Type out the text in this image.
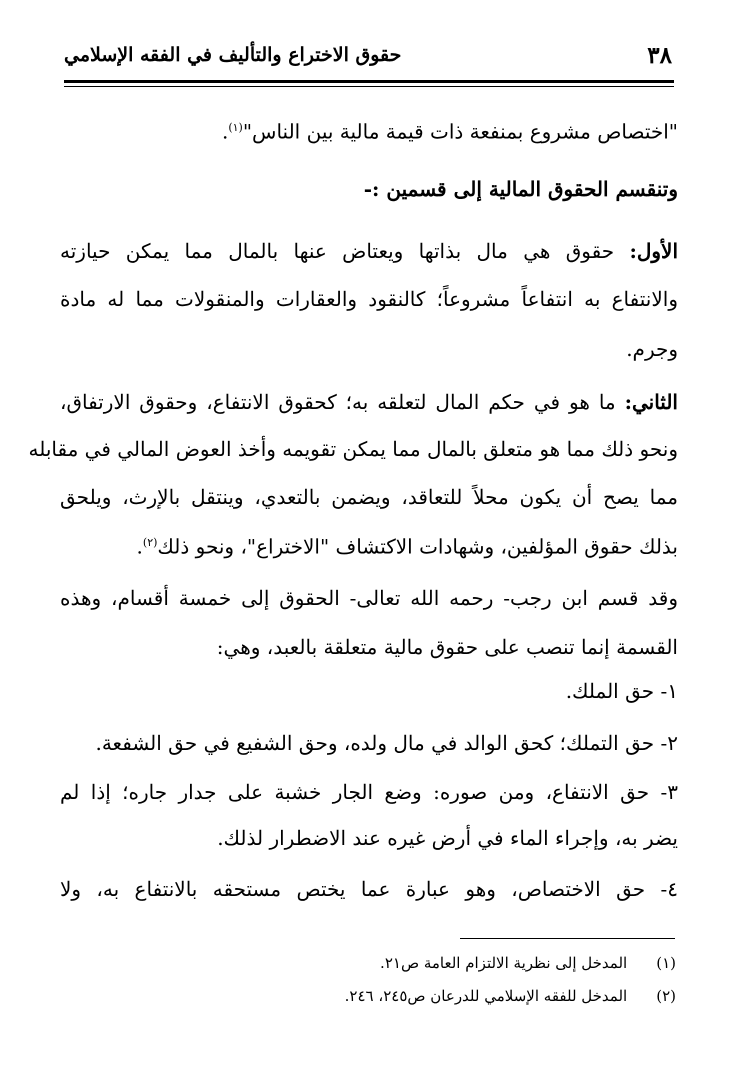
٣٨
حقوق الاختراع والتأليف في الفقه الإسلامي
"اختصاص مشروع بمنفعة ذات قيمة مالية بين الناس"$^{(١)}$.
وتنقسم الحقوق المالية إلى قسمين :-
الأول: حقوق هي مال بذاتها ويعتاض عنها بالمال مما يمكن حيازته
والانتفاع به انتفاعاً مشروعاً؛ كالنقود والعقارات والمنقولات مما له مادة
وجرم.
الثاني: ما هو في حكم المال لتعلقه به؛ كحقوق الانتفاع، وحقوق الارتفاق،
ونحو ذلك مما هو متعلق بالمال مما يمكن تقويمه وأخذ العوض المالي في مقابله
مما يصح أن يكون محلاً للتعاقد، ويضمن بالتعدي، وينتقل بالإرث، ويلحق
بذلك حقوق المؤلفين، وشهادات الاكتشاف "الاختراع"، ونحو ذلك$^{(٢)}$.
وقد قسم ابن رجب- رحمه الله تعالى- الحقوق إلى خمسة أقسام، وهذه
القسمة إنما تنصب على حقوق مالية متعلقة بالعبد، وهي:
١- حق الملك.
٢- حق التملك؛ كحق الوالد في مال ولده، وحق الشفيع في حق الشفعة.
٣- حق الانتفاع، ومن صوره: وضع الجار خشبة على جدار جاره؛ إذا لم
يضر به، وإجراء الماء في أرض غيره عند الاضطرار لذلك.
٤- حق الاختصاص، وهو عبارة عما يختص مستحقه بالانتفاع به، ولا
(١) المدخل إلى نظرية الالتزام العامة ص٢١.
(٢) المدخل للفقه الإسلامي للدرعان ص٢٤٥، ٢٤٦.
